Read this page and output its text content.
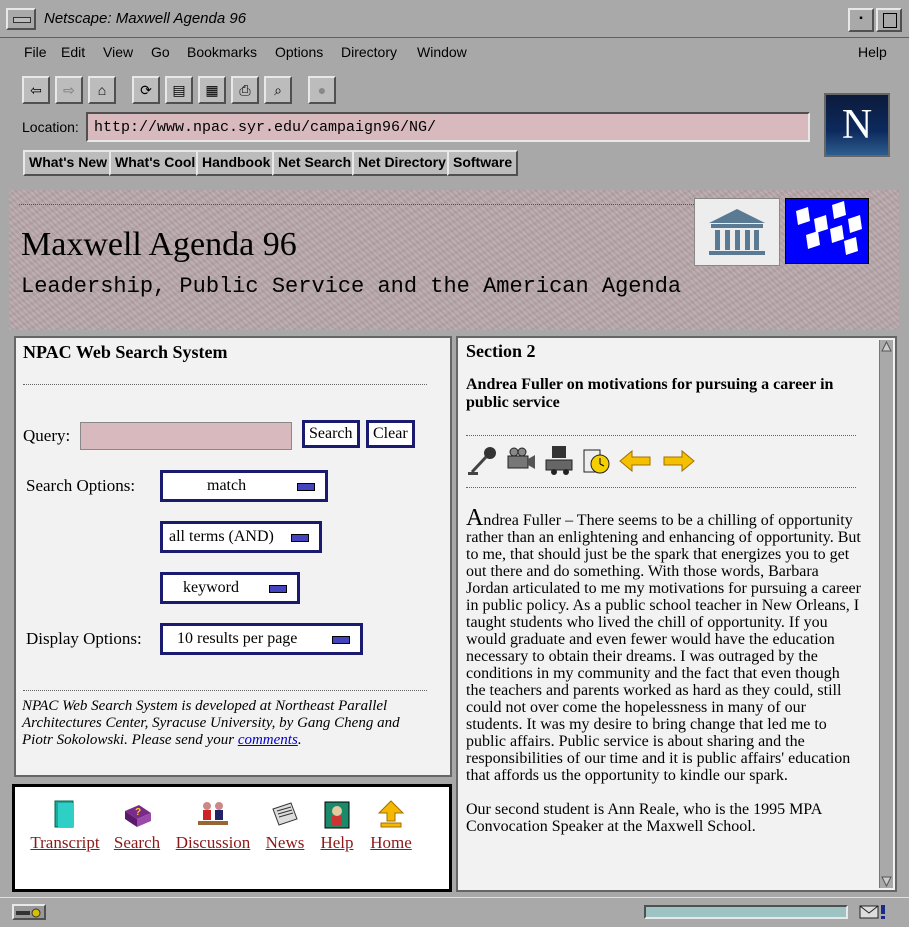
Netscape: Maxwell Agenda 96	▪
File Edit View Go Bookmarks Options Directory Window	Help
⇦	⇨	⌂	⟳	▤	▦	⎙	⌕	●
Location:	http://www.npac.syr.edu/campaign96/NG/
What's New What's Cool Handbook Net Search Net Directory Software
N
Maxwell Agenda 96
Leadership, Public Service and the American Agenda
NPAC Web Search System
Query:	Search	Clear
Search Options:	match
all terms (AND)
keyword
Display Options:	10 results per page
NPAC Web Search System is developed at Northeast Parallel Architectures Center, Syracuse University, by Gang Cheng and Piotr Sokolowski. Please send your comments.
Transcript
?
Search Discussion News Help Home
Section 2
Andrea Fuller on motivations for pursuing a career in public service

Andrea Fuller – There seems to be a chilling of opportunity rather than an enlightening and enhancing of opportunity. But to me, that should just be the spark that energizes you to get out there and do something. With those words, Barbara Jordan articulated to me my motivations for pursuing a career in public policy. As a public school teacher in New Orleans, I taught students who lived the chill of opportunity. If you would graduate and even fewer would have the education necessary to obtain their dreams. I was outraged by the conditions in my community and the fact that even though the teachers and parents worked as hard as they could, still could not over come the hopelessness in many of our students. It was my desire to bring change that led me to public affairs. Public service is about sharing and the responsibilities of our time and it is public affairs' education that affords us the opportunity to kindle our spark.

Our second student is Ann Reale, who is the 1995 MPA Convocation Speaker at the Maxwell School.
